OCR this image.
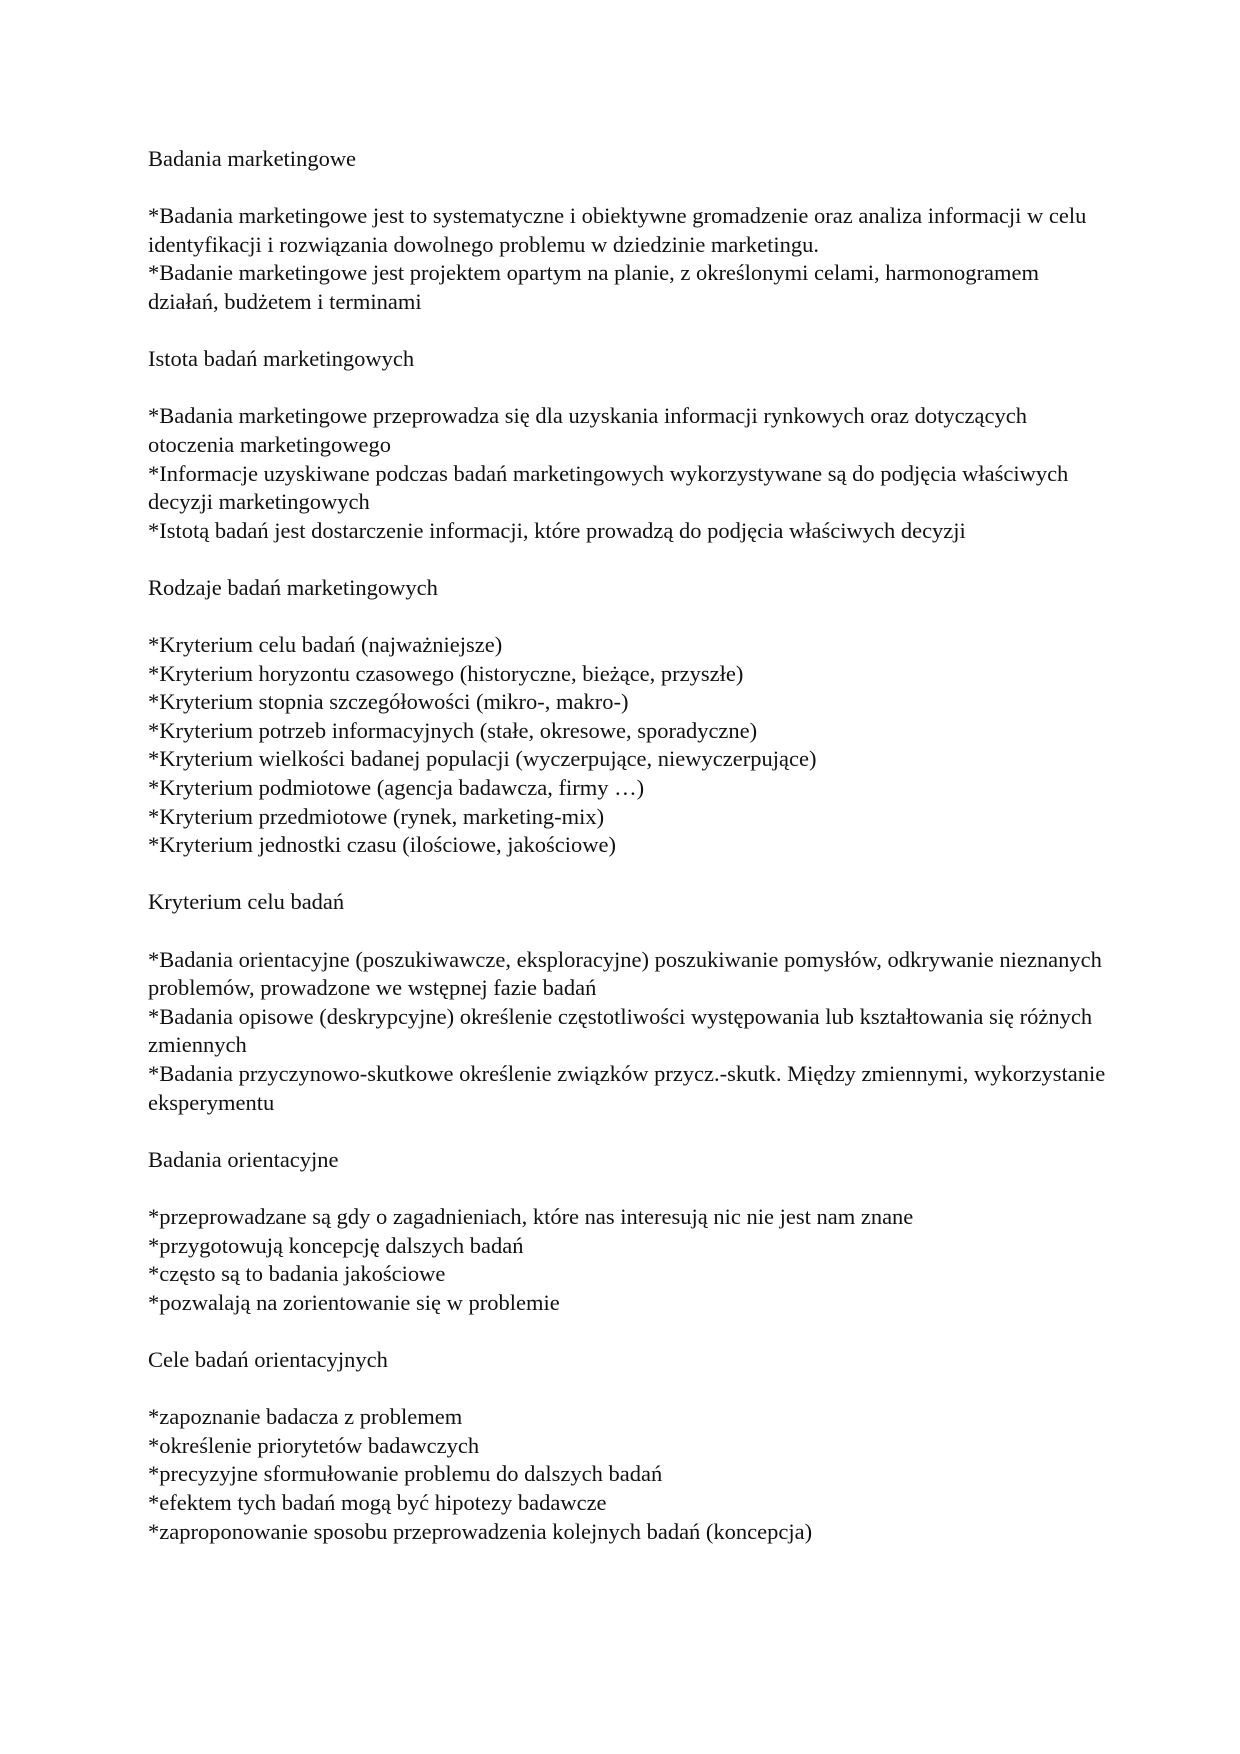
Badania marketingowe

*Badania marketingowe jest to systematyczne i obiektywne gromadzenie oraz analiza informacji w celu identyfikacji i rozwiązania dowolnego problemu w dziedzinie marketingu.

*Badanie marketingowe jest projektem opartym na planie, z określonymi celami, harmonogramem działań, budżetem i terminami

Istota badań marketingowych

*Badania marketingowe przeprowadza się dla uzyskania informacji rynkowych oraz dotyczących otoczenia marketingowego

*Informacje uzyskiwane podczas badań marketingowych wykorzystywane są do podjęcia właściwych decyzji marketingowych

*Istotą badań jest dostarczenie informacji, które prowadzą do podjęcia właściwych decyzji

Rodzaje badań marketingowych

*Kryterium celu badań (najważniejsze)

*Kryterium horyzontu czasowego (historyczne, bieżące, przyszłe)

*Kryterium stopnia szczegółowości (mikro-, makro-)

*Kryterium potrzeb informacyjnych (stałe, okresowe, sporadyczne)

*Kryterium wielkości badanej populacji (wyczerpujące, niewyczerpujące)

*Kryterium podmiotowe (agencja badawcza, firmy …)

*Kryterium przedmiotowe (rynek, marketing-mix)

*Kryterium jednostki czasu (ilościowe, jakościowe)

Kryterium celu badań

*Badania orientacyjne (poszukiwawcze, eksploracyjne) poszukiwanie pomysłów, odkrywanie nieznanych problemów, prowadzone we wstępnej fazie badań

*Badania opisowe (deskrypcyjne) określenie częstotliwości występowania lub kształtowania się różnych zmiennych

*Badania przyczynowo-skutkowe określenie związków przycz.-skutk. Między zmiennymi, wykorzystanie eksperymentu

Badania orientacyjne

*przeprowadzane są gdy o zagadnieniach, które nas interesują nic nie jest nam znane

*przygotowują koncepcję dalszych badań

*często są to badania jakościowe

*pozwalają na zorientowanie się w problemie

Cele badań orientacyjnych

*zapoznanie badacza z problemem

*określenie priorytetów badawczych

*precyzyjne sformułowanie problemu do dalszych badań

*efektem tych badań mogą być hipotezy badawcze

*zaproponowanie sposobu przeprowadzenia kolejnych badań (koncepcja)
